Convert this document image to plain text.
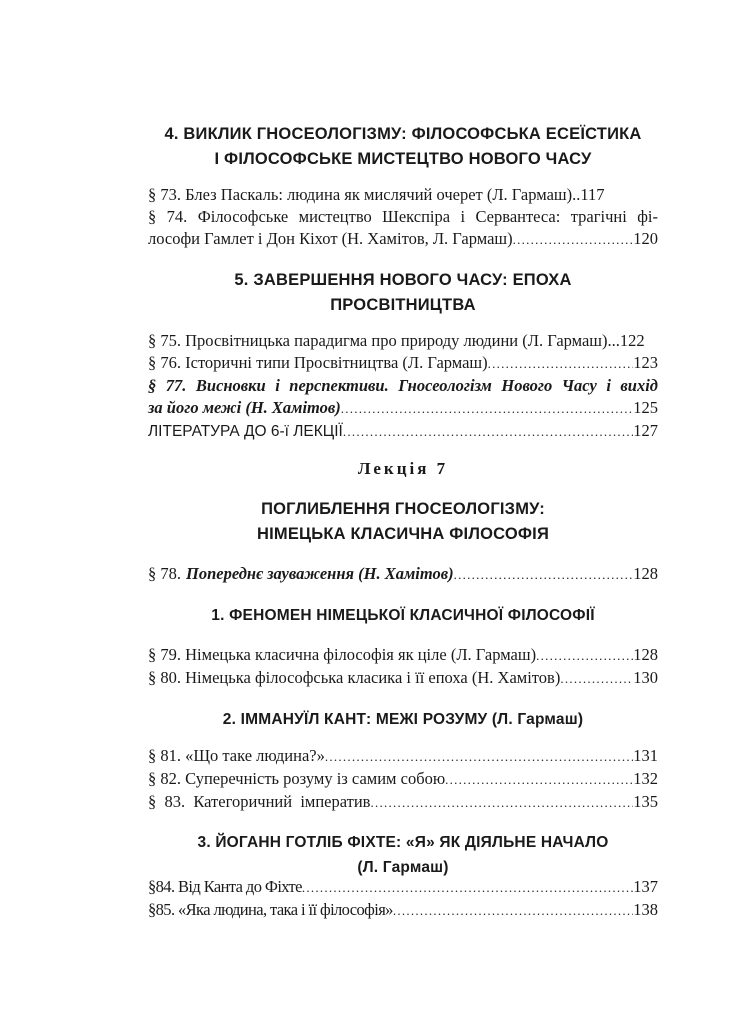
4. ВИКЛИК ГНОСЕОЛОГІЗМУ: ФІЛОСОФСЬКА ЕСЕЇСТИКА
І ФІЛОСОФСЬКЕ МИСТЕЦТВО НОВОГО ЧАСУ
§ 73. Блез Паскаль: людина як мислячий очерет (Л. Гармаш).. 117
§ 74. Філософське мистецтво Шекспіра і Сервантеса: трагічні фі-
лософи Гамлет і Дон Кіхот (Н. Хамітов, Л. Гармаш) . . .	120
5. ЗАВЕРШЕННЯ НОВОГО ЧАСУ: ЕПОХА
ПРОСВІТНИЦТВА
§ 75. Просвітницька парадигма про природу людини (Л. Гармаш)... 122
§ 76. Історичні типи Просвітництва (Л. Гармаш) . . .	123
§ 77. Висновки і перспективи. Гносеологізм Нового Часу і вихід
за його межі (Н. Хамітов) . . .	125
ЛІТЕРАТУРА ДО 6-ї ЛЕКЦІЇ . . .	127
Лекція 7
ПОГЛИБЛЕННЯ ГНОСЕОЛОГІЗМУ:
НІМЕЦЬКА КЛАСИЧНА ФІЛОСОФІЯ
§ 78. Попереднє зауваження (Н. Хамітов) . . .	128
1. ФЕНОМЕН НІМЕЦЬКОЇ КЛАСИЧНОЇ ФІЛОСОФІЇ
§ 79. Німецька класична філософія як ціле (Л. Гармаш) . . .	128
§ 80. Німецька філософська класика і її епоха (Н. Хамітов) . . .	130
2. ІММАНУЇЛ КАНТ: МЕЖІ РОЗУМУ (Л. Гармаш)
§ 81. «Що таке людина?» . . .	131
§ 82. Суперечність розуму із самим собою . . .	132
§  83.  Категоричний  імператив . . .	135
3. ЙОГАНН ГОТЛІБ ФІХТЕ: «Я» ЯК ДІЯЛЬНЕ НАЧАЛО
(Л. Гармаш)
§84. Від Канта до Фіхте . . .	137
§85. «Яка людина, така і її філософія» . . .	138
